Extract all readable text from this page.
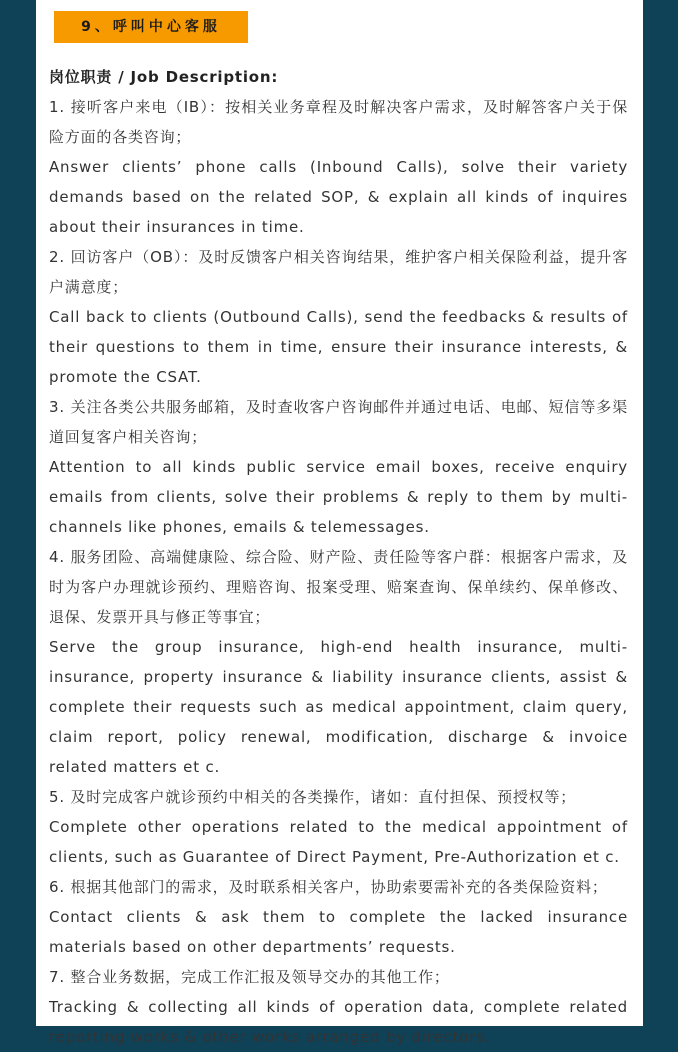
9、呼叫中心客服

岗位职责 / Job Description:

1. 接听客户来电（IB）：按相关业务章程及时解决客户需求，及时解答客户关于保险方面的各类咨询；

Answer clients’ phone calls (Inbound Calls), solve their variety demands based on the related SOP, & explain all kinds of inquires about their insurances in time.

2. 回访客户（OB）：及时反馈客户相关咨询结果，维护客户相关保险利益，提升客户满意度；

Call back to clients (Outbound Calls), send the feedbacks & results of their questions to them in time, ensure their insurance interests, & promote the CSAT.

3. 关注各类公共服务邮箱，及时查收客户咨询邮件并通过电话、电邮、短信等多渠道回复客户相关咨询；

Attention to all kinds public service email boxes, receive enquiry emails from clients, solve their problems & reply to them by multi-channels like phones, emails & telemessages.

4. 服务团险、高端健康险、综合险、财产险、责任险等客户群：根据客户需求，及时为客户办理就诊预约、理赔咨询、报案受理、赔案查询、保单续约、保单修改、退保、发票开具与修正等事宜；

Serve the group insurance, high-end health insurance, multi-insurance, property insurance & liability insurance clients, assist & complete their requests such as medical appointment, claim query, claim report, policy renewal, modification, discharge & invoice related matters et c.

5. 及时完成客户就诊预约中相关的各类操作，诸如：直付担保、预授权等；

Complete other operations related to the medical appointment of clients, such as Guarantee of Direct Payment, Pre-Authorization et c.

6. 根据其他部门的需求，及时联系相关客户，协助索要需补充的各类保险资料；

Contact clients & ask them to complete the lacked insurance materials based on other departments’ requests.

7. 整合业务数据，完成工作汇报及领导交办的其他工作；

Tracking & collecting all kinds of operation data, complete related reporting works & other works arranged by directors.
